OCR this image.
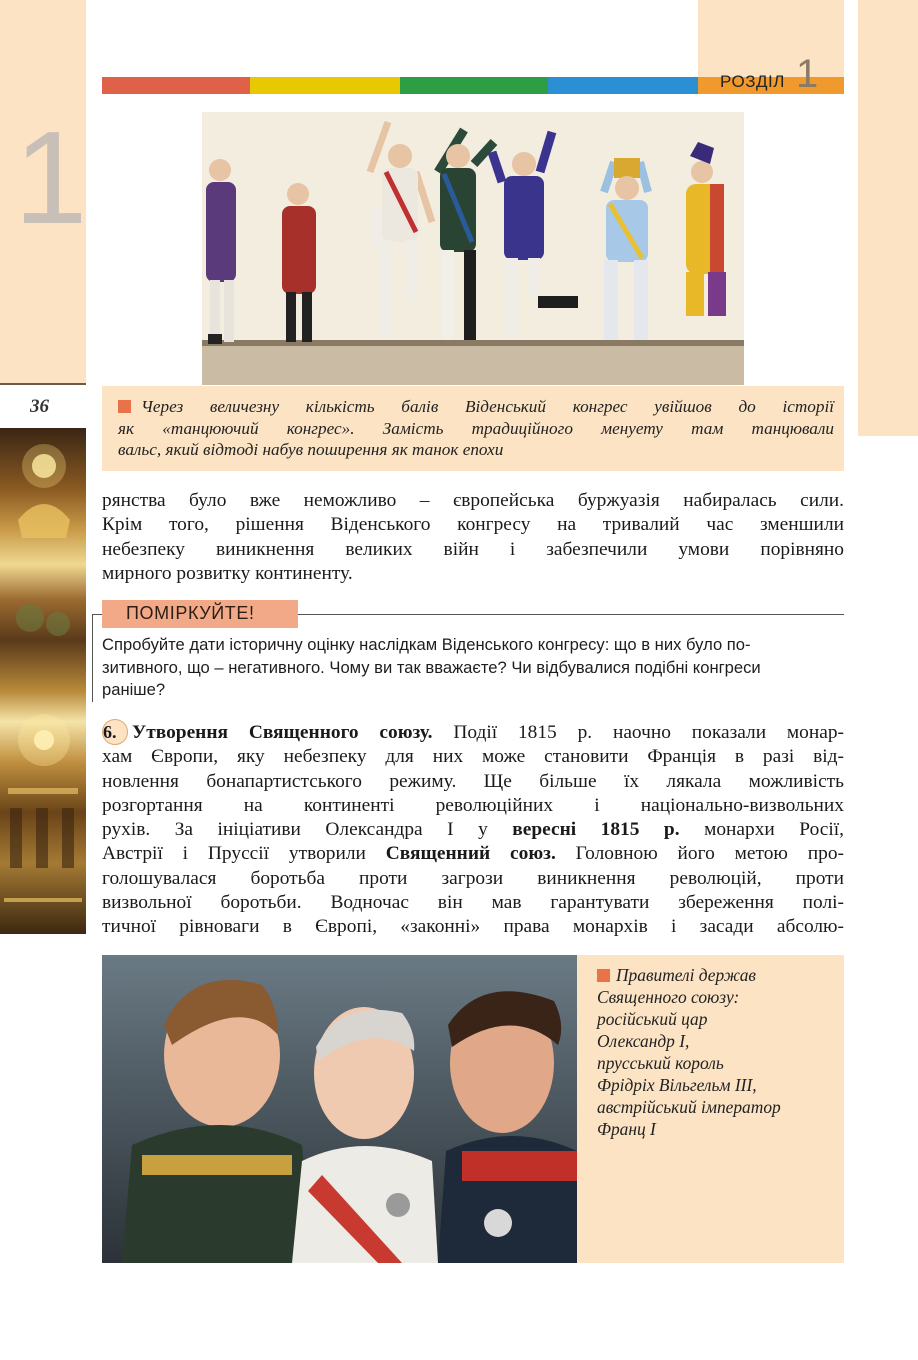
1
36
РОЗДІЛ 1
Через величезну кількість балів Віденський конгрес увійшов до історії
як «танцюючий конгрес». Замість традиційного менуету там танцювали
вальс, який відтоді набув поширення як танок епохи
рянства було вже неможливо – європейська буржуазія набиралась сили.
Крім того, рішення Віденського конгресу на тривалий час зменшили
небезпеку виникнення великих війн і забезпечили умови порівняно
мирного розвитку континенту.
ПОМІРКУЙТЕ!
Спробуйте дати історичну оцінку наслідкам Віденського конгресу: що в них було по-
зитивного, що – негативного. Чому ви так вважаєте? Чи відбувалися подібні конгреси
раніше?
6. Утворення Священного союзу. Події 1815 р. наочно показали монар-
хам Європи, яку небезпеку для них може становити Франція в разі від-
новлення бонапартистського режиму. Ще більше їх лякала можливість
розгортання на континенті революційних і національно-визвольних
рухів. За ініціативи Олександра І у вересні 1815 р. монархи Росії,
Австрії і Пруссії утворили Священний союз. Головною його метою про-
голошувалася боротьба проти загрози виникнення революцій, проти
визвольної боротьби. Водночас він мав гарантувати збереження полі-
тичної рівноваги в Європі, «законні» права монархів і засади абсолю-
Правителі держав
Священного союзу:
російський цар
Олександр І,
прусський король
Фрідріх Вільгельм ІІІ,
австрійський імператор
Франц І
